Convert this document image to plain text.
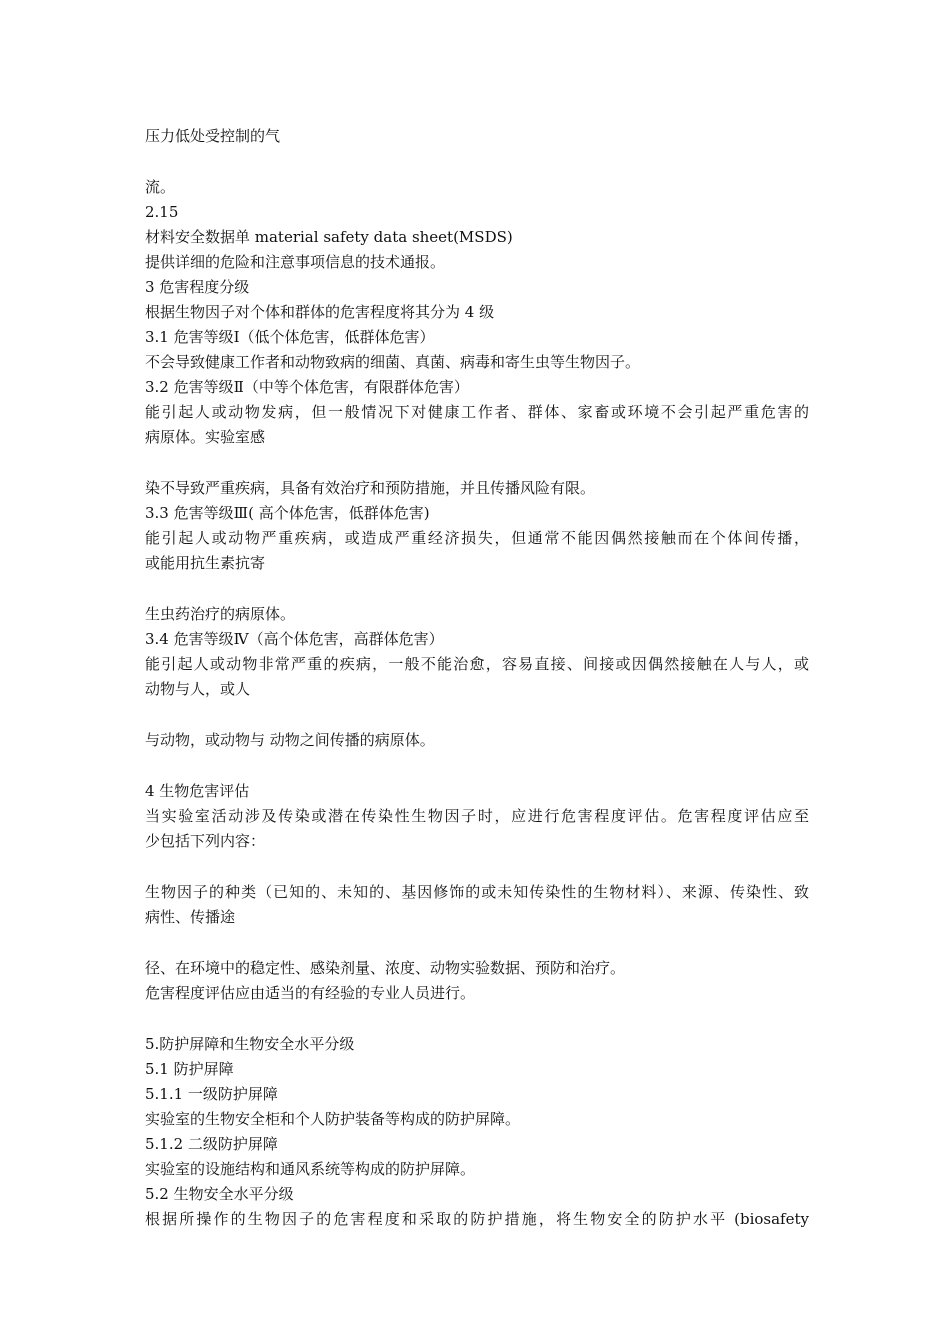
压力低处受控制的气

流。

2.15

材料安全数据单 material safety data sheet(MSDS)

提供详细的危险和注意事项信息的技术通报。

3 危害程度分级

根据生物因子对个体和群体的危害程度将其分为 4 级

3.1 危害等级Ⅰ（低个体危害，低群体危害）

不会导致健康工作者和动物致病的细菌、真菌、病毒和寄生虫等生物因子。

3.2 危害等级Ⅱ（中等个体危害，有限群体危害）

能引起人或动物发病，但一般情况下对健康工作者、群体、家畜或环境不会引起严重危害的

病原体。实验室感

染不导致严重疾病，具备有效治疗和预防措施，并且传播风险有限。

3.3 危害等级Ⅲ( 高个体危害，低群体危害)

能引起人或动物严重疾病，或造成严重经济损失，但通常不能因偶然接触而在个体间传播，

或能用抗生素抗寄

生虫药治疗的病原体。

3.4 危害等级Ⅳ（高个体危害，高群体危害）

能引起人或动物非常严重的疾病，一般不能治愈，容易直接、间接或因偶然接触在人与人，或

动物与人，或人

与动物，或动物与 动物之间传播的病原体。

4 生物危害评估

当实验室活动涉及传染或潜在传染性生物因子时，应进行危害程度评估。危害程度评估应至

少包括下列内容：

生物因子的种类（已知的、未知的、基因修饰的或未知传染性的生物材料）、来源、传染性、致

病性、传播途

径、在环境中的稳定性、感染剂量、浓度、动物实验数据、预防和治疗。

危害程度评估应由适当的有经验的专业人员进行。

5.防护屏障和生物安全水平分级

5.1 防护屏障

5.1.1 一级防护屏障

实验室的生物安全柜和个人防护装备等构成的防护屏障。

5.1.2 二级防护屏障

实验室的设施结构和通风系统等构成的防护屏障。

5.2 生物安全水平分级

根据所操作的生物因子的危害程度和采取的防护措施，将生物安全的防护水平 (biosafety
